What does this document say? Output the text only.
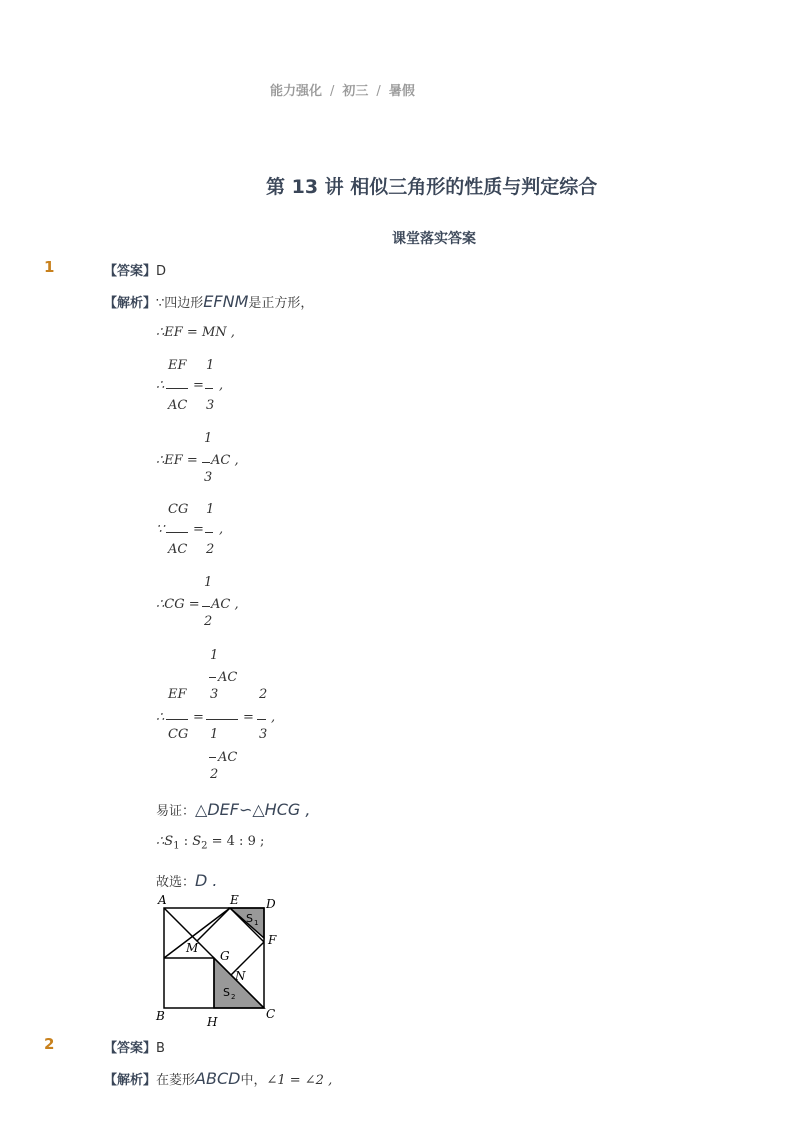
能力强化 / 初三 / 暑假
第 13 讲 相似三角形的性质与判定综合
课堂落实答案
1	【答案】D
【解析】∵四边形EFNM是正方形，
∴EF = MN ,
EF
∴ =
1
,
AC 3
1
∴EF = AC ,
3
CG
∵ =
1
,
AC 2
1
∴CG = AC ,
2
1
AC
3
EF
∴ =	=
2
,
CG	3
1
AC
2
易证：△DEF∽△HCG ,
$\therefore S_1$ : $S_2 = 4$ : 9 ;
故选：D .
A
B	C
D
E
F
G
H
M
N
S 1
S 2
2	【答案】B
【解析】在菱形ABCD中，∠1 = ∠2 ,
